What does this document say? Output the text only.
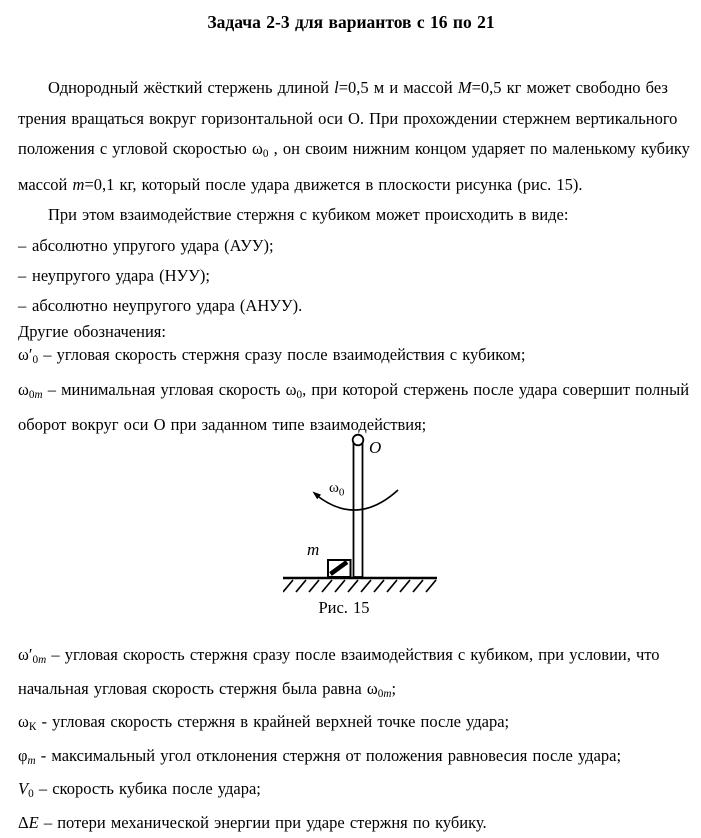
Задача 2-3 для вариантов с 16 по 21
Однородный жёсткий стержень длиной l=0,5 м и массой M=0,5 кг может свободно без
трения вращаться вокруг горизонтальной оси О. При прохождении стержнем вертикального
положения с угловой скоростью ω0 , он своим нижним концом ударяет по маленькому кубику
массой m=0,1 кг, который после удара движется в плоскости рисунка (рис. 15).
При этом взаимодействие стержня с кубиком может происходить в виде:
– абсолютно упругого удара (АУУ);
– неупругого удара (НУУ);
– абсолютно неупругого удара (АНУУ).
Другие обозначения:
ω′0 – угловая скорость стержня сразу после взаимодействия с кубиком;
ω0m – минимальная угловая скорость ω0, при которой стержень после удара совершит полный
оборот вокруг оси О при заданном типе взаимодействия;
O
$\omega_0$
m
Рис. 15
ω′0m – угловая скорость стержня сразу после взаимодействия с кубиком, при условии, что
начальная угловая скорость стержня была равна ω0m;
ωК - угловая скорость стержня в крайней верхней точке после удара;
φm - максимальный угол отклонения стержня от положения равновесия после удара;
V0 – скорость кубика после удара;
ΔE – потери механической энергии при ударе стержня по кубику.
